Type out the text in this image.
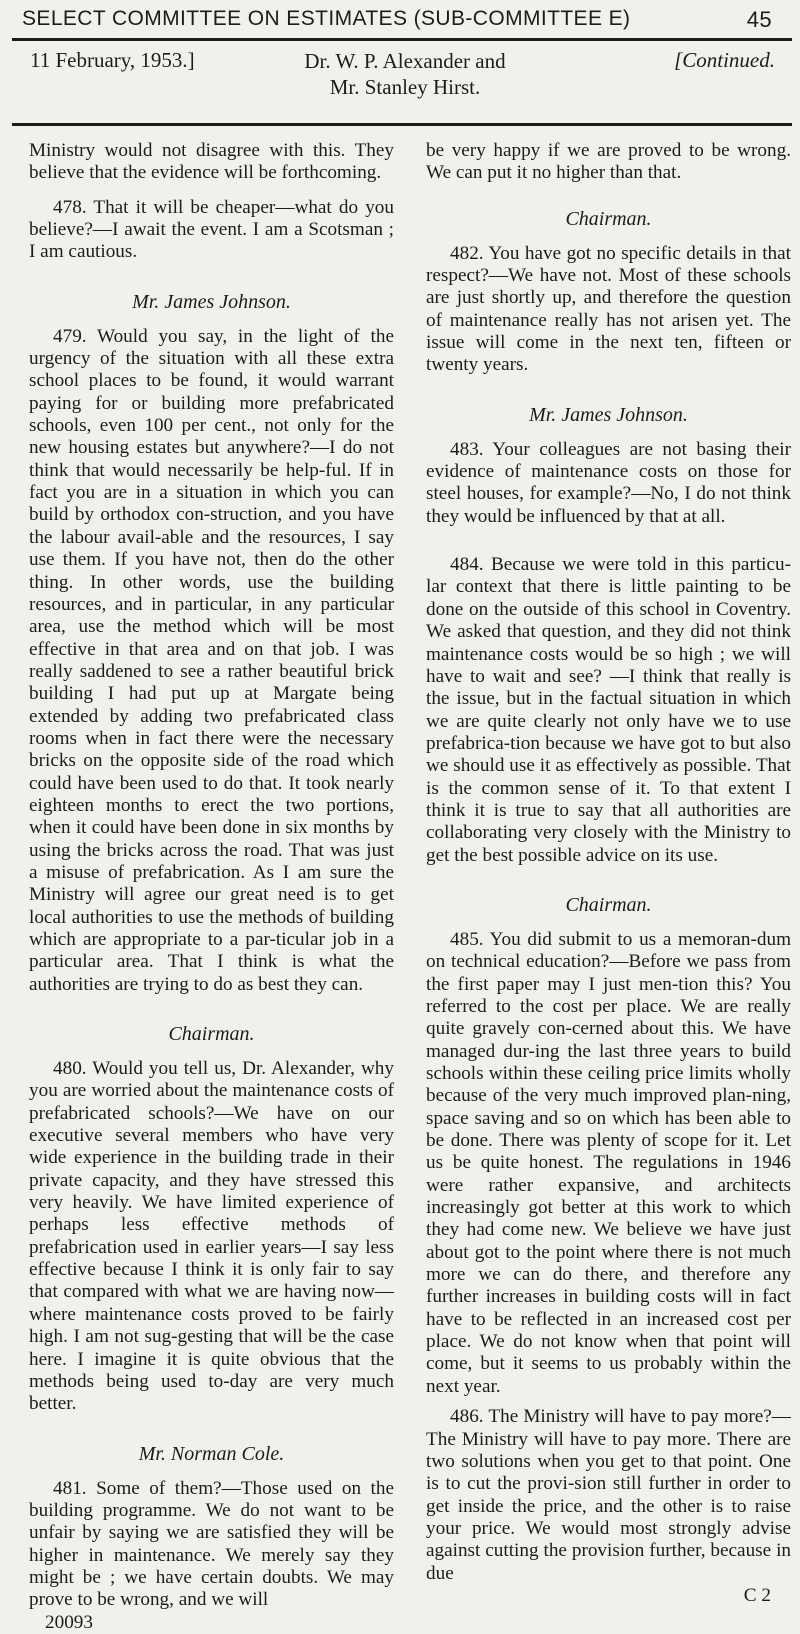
SELECT COMMITTEE ON ESTIMATES (SUB-COMMITTEE E)	45
11 February, 1953.]	Dr. W. P. Alexander and
Mr. Stanley Hirst.
[Continued.

Ministry would not disagree with this. They believe that the evidence will be forthcoming.

478. That it will be cheaper—what do you believe?—I await the event. I am a Scotsman ; I am cautious.

Mr. James Johnson.

479. Would you say, in the light of the urgency of the situation with all these extra school places to be found, it would warrant paying for or building more prefabricated schools, even 100 per cent., not only for the new housing estates but anywhere?—I do not think that would necessarily be help-ful. If in fact you are in a situation in which you can build by orthodox con-struction, and you have the labour avail-able and the resources, I say use them. If you have not, then do the other thing. In other words, use the building resources, and in particular, in any particular area, use the method which will be most effective in that area and on that job. I was really saddened to see a rather beautiful brick building I had put up at Margate being extended by adding two prefabricated class rooms when in fact there were the necessary bricks on the opposite side of the road which could have been used to do that. It took nearly eighteen months to erect the two portions, when it could have been done in six months by using the bricks across the road. That was just a misuse of prefabrication. As I am sure the Ministry will agree our great need is to get local authorities to use the methods of building which are appropriate to a par-ticular job in a particular area. That I think is what the authorities are trying to do as best they can.

Chairman.

480. Would you tell us, Dr. Alexander, why you are worried about the maintenance costs of prefabricated schools?—We have on our executive several members who have very wide experience in the building trade in their private capacity, and they have stressed this very heavily. We have limited experience of perhaps less effective methods of prefabrication used in earlier years—I say less effective because I think it is only fair to say that compared with what we are having now—where maintenance costs proved to be fairly high. I am not sug-gesting that will be the case here. I imagine it is quite obvious that the methods being used to-day are very much better.

Mr. Norman Cole.

481. Some of them?—Those used on the building programme. We do not want to be unfair by saying we are satisfied they will be higher in maintenance. We merely say they might be ; we have certain doubts. We may prove to be wrong, and we will

20093

be very happy if we are proved to be wrong. We can put it no higher than that.

Chairman.

482. You have got no specific details in that respect?—We have not. Most of these schools are just shortly up, and therefore the question of maintenance really has not arisen yet. The issue will come in the next ten, fifteen or twenty years.

Mr. James Johnson.

483. Your colleagues are not basing their evidence of maintenance costs on those for steel houses, for example?—No, I do not think they would be influenced by that at all.

484. Because we were told in this particu-lar context that there is little painting to be done on the outside of this school in Coventry. We asked that question, and they did not think maintenance costs would be so high ; we will have to wait and see? —I think that really is the issue, but in the factual situation in which we are quite clearly not only have we to use prefabrica-tion because we have got to but also we should use it as effectively as possible. That is the common sense of it. To that extent I think it is true to say that all authorities are collaborating very closely with the Ministry to get the best possible advice on its use.

Chairman.

485. You did submit to us a memoran-dum on technical education?—Before we pass from the first paper may I just men-tion this? You referred to the cost per place. We are really quite gravely con-cerned about this. We have managed dur-ing the last three years to build schools within these ceiling price limits wholly because of the very much improved plan-ning, space saving and so on which has been able to be done. There was plenty of scope for it. Let us be quite honest. The regulations in 1946 were rather expansive, and architects increasingly got better at this work to which they had come new. We believe we have just about got to the point where there is not much more we can do there, and therefore any further increases in building costs will in fact have to be reflected in an increased cost per place. We do not know when that point will come, but it seems to us probably within the next year.

486. The Ministry will have to pay more?—The Ministry will have to pay more. There are two solutions when you get to that point. One is to cut the provi-sion still further in order to get inside the price, and the other is to raise your price. We would most strongly advise against cutting the provision further, because in due

C 2
